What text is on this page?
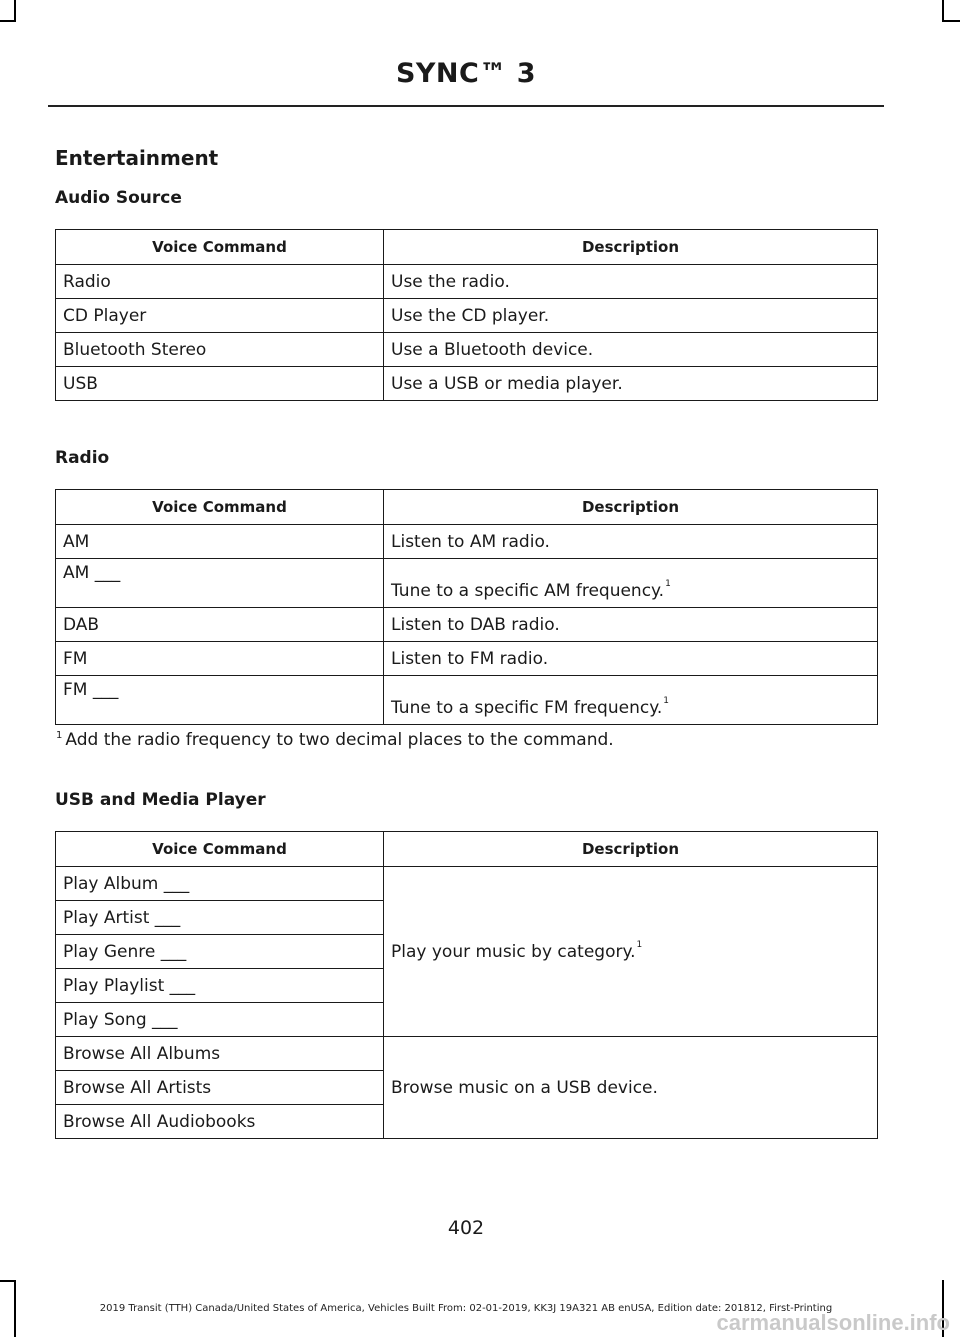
SYNC™ 3
Entertainment
Audio Source
Voice Command	Description
Radio	Use the radio.
CD Player	Use the CD player.
Bluetooth Stereo	Use a Bluetooth device.
USB	Use a USB or media player.
Radio
Voice Command	Description
AM	Listen to AM radio.
AM ___	Tune to a specific AM frequency.$^1$
DAB	Listen to DAB radio.
FM	Listen to FM radio.
FM ___	Tune to a specific FM frequency.$^1$
$^1$ Add the radio frequency to two decimal places to the command.
USB and Media Player
Voice Command	Description
Play Album ___	Play your music by category.$^1$
Play Artist ___	
Play Genre ___	
Play Playlist ___	
Play Song ___	
Browse All Albums	Browse music on a USB device.
Browse All Artists	
Browse All Audiobooks	
402
2019 Transit (TTH) Canada/United States of America, Vehicles Built From: 02-01-2019, KK3J 19A321 AB enUSA, Edition date: 201812, First-Printing
carmanualsonline.info
